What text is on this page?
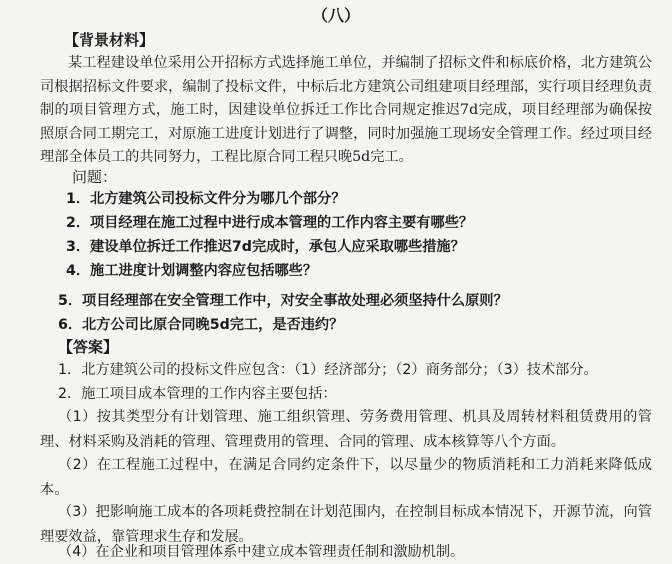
（八）
【背景材料】
某工程建设单位采用公开招标方式选择施工单位，并编制了招标文件和标底价格，北方建筑公司根据招标文件要求，编制了投标文件，中标后北方建筑公司组建项目经理部，实行项目经理负责制的项目管理方式，施工时，因建设单位拆迁工作比合同规定推迟7d完成，项目经理部为确保按照原合同工期完工，对原施工进度计划进行了调整，同时加强施工现场安全管理工作。经过项目经理部全体员工的共同努力，工程比原合同工程只晚5d完工。
问题：
1．北方建筑公司投标文件分为哪几个部分？
2．项目经理在施工过程中进行成本管理的工作内容主要有哪些？
3．建设单位拆迁工作推迟7d完成时，承包人应采取哪些措施？
4．施工进度计划调整内容应包括哪些？
5．项目经理部在安全管理工作中，对安全事故处理必须坚持什么原则？
6．北方公司比原合同晚5d完工，是否违约？
【答案】
1．北方建筑公司的投标文件应包含：（1）经济部分；（2）商务部分；（3）技术部分。
2．施工项目成本管理的工作内容主要包括：
（1）按其类型分有计划管理、施工组织管理、劳务费用管理、机具及周转材料租赁费用的管理、材料采购及消耗的管理、管理费用的管理、合同的管理、成本核算等八个方面。
（2）在工程施工过程中，在满足合同约定条件下，以尽量少的物质消耗和工力消耗来降低成本。
（3）把影响施工成本的各项耗费控制在计划范围内，在控制目标成本情况下，开源节流，向管理要效益，靠管理求生存和发展。
（4）在企业和项目管理体系中建立成本管理责任制和激励机制。
